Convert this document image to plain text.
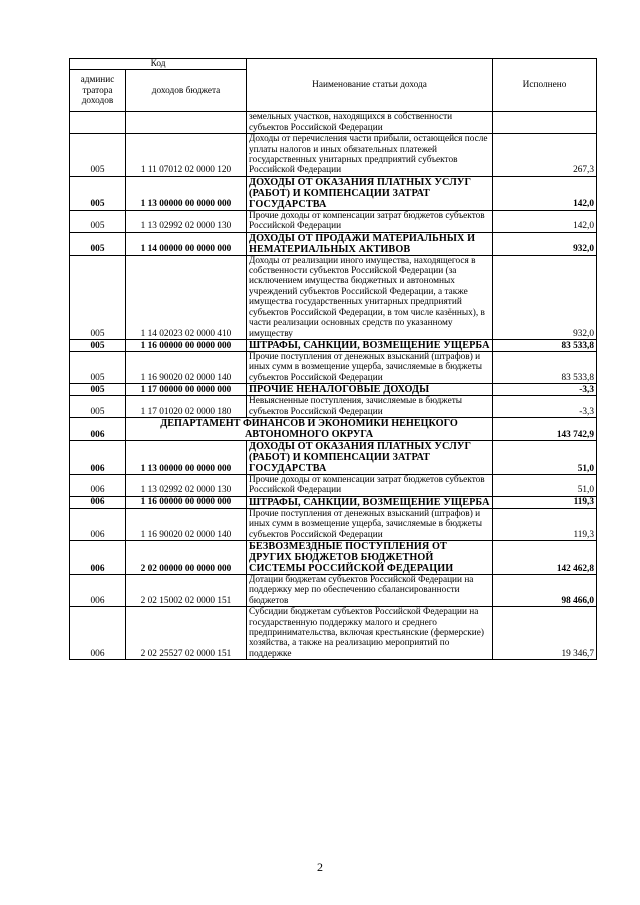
Код		Наименование статьи дохода	Исполнено
админис тратора доходов	доходов бюджета		
		земельных участков, находящихся в собственности субъектов Российской Федерации	
005	1 11 07012 02 0000 120	Доходы от перечисления части прибыли, остающейся после уплаты налогов и иных обязательных платежей государственных унитарных предприятий субъектов Российской Федерации	267,3
005	1 13 00000 00 0000 000	ДОХОДЫ ОТ ОКАЗАНИЯ ПЛАТНЫХ УСЛУГ (РАБОТ) И КОМПЕНСАЦИИ ЗАТРАТ ГОСУДАРСТВА	142,0
005	1 13 02992 02 0000 130	Прочие доходы от компенсации затрат бюджетов субъектов Российской Федерации	142,0
005	1 14 00000 00 0000 000	ДОХОДЫ ОТ ПРОДАЖИ МАТЕРИАЛЬНЫХ И НЕМАТЕРИАЛЬНЫХ АКТИВОВ	932,0
005	1 14 02023 02 0000 410	Доходы от реализации иного имущества, находящегося в собственности субъектов Российской Федерации (за исключением имущества бюджетных и автономных учреждений субъектов Российской Федерации, а также имущества государственных унитарных предприятий субъектов Российской Федерации, в том числе казённых), в части реализации основных средств по указанному имуществу	932,0
005	1 16 00000 00 0000 000	ШТРАФЫ, САНКЦИИ, ВОЗМЕЩЕНИЕ УЩЕРБА	83 533,8
005	1 16 90020 02 0000 140	Прочие поступления от денежных взысканий (штрафов) и иных сумм в возмещение ущерба, зачисляемые в бюджеты субъектов Российской Федерации	83 533,8
005	1 17 00000 00 0000 000	ПРОЧИЕ НЕНАЛОГОВЫЕ ДОХОДЫ	-3,3
005	1 17 01020 02 0000 180	Невыясненные поступления, зачисляемые в бюджеты субъектов Российской Федерации	-3,3
006	ДЕПАРТАМЕНТ ФИНАНСОВ И ЭКОНОМИКИ НЕНЕЦКОГО АВТОНОМНОГО ОКРУГА		143 742,9
006	1 13 00000 00 0000 000	ДОХОДЫ ОТ ОКАЗАНИЯ ПЛАТНЫХ УСЛУГ (РАБОТ) И КОМПЕНСАЦИИ ЗАТРАТ ГОСУДАРСТВА	51,0
006	1 13 02992 02 0000 130	Прочие доходы от компенсации затрат бюджетов субъектов Российской Федерации	51,0
006	1 16 00000 00 0000 000	ШТРАФЫ, САНКЦИИ, ВОЗМЕЩЕНИЕ УЩЕРБА	119,3
006	1 16 90020 02 0000 140	Прочие поступления от денежных взысканий (штрафов) и иных сумм в возмещение ущерба, зачисляемые в бюджеты субъектов Российской Федерации	119,3
006	2 02 00000 00 0000 000	БЕЗВОЗМЕЗДНЫЕ ПОСТУПЛЕНИЯ ОТ ДРУГИХ БЮДЖЕТОВ БЮДЖЕТНОЙ СИСТЕМЫ РОССИЙСКОЙ ФЕДЕРАЦИИ	142 462,8
006	2 02 15002 02 0000 151	Дотации бюджетам субъектов Российской Федерации на поддержку мер по обеспечению сбалансированности бюджетов	98 466,0
006	2 02 25527 02 0000 151	Субсидии бюджетам субъектов Российской Федерации на государственную поддержку малого и среднего предпринимательства, включая крестьянские (фермерские) хозяйства, а также на реализацию мероприятий по поддержке	19 346,7
2
